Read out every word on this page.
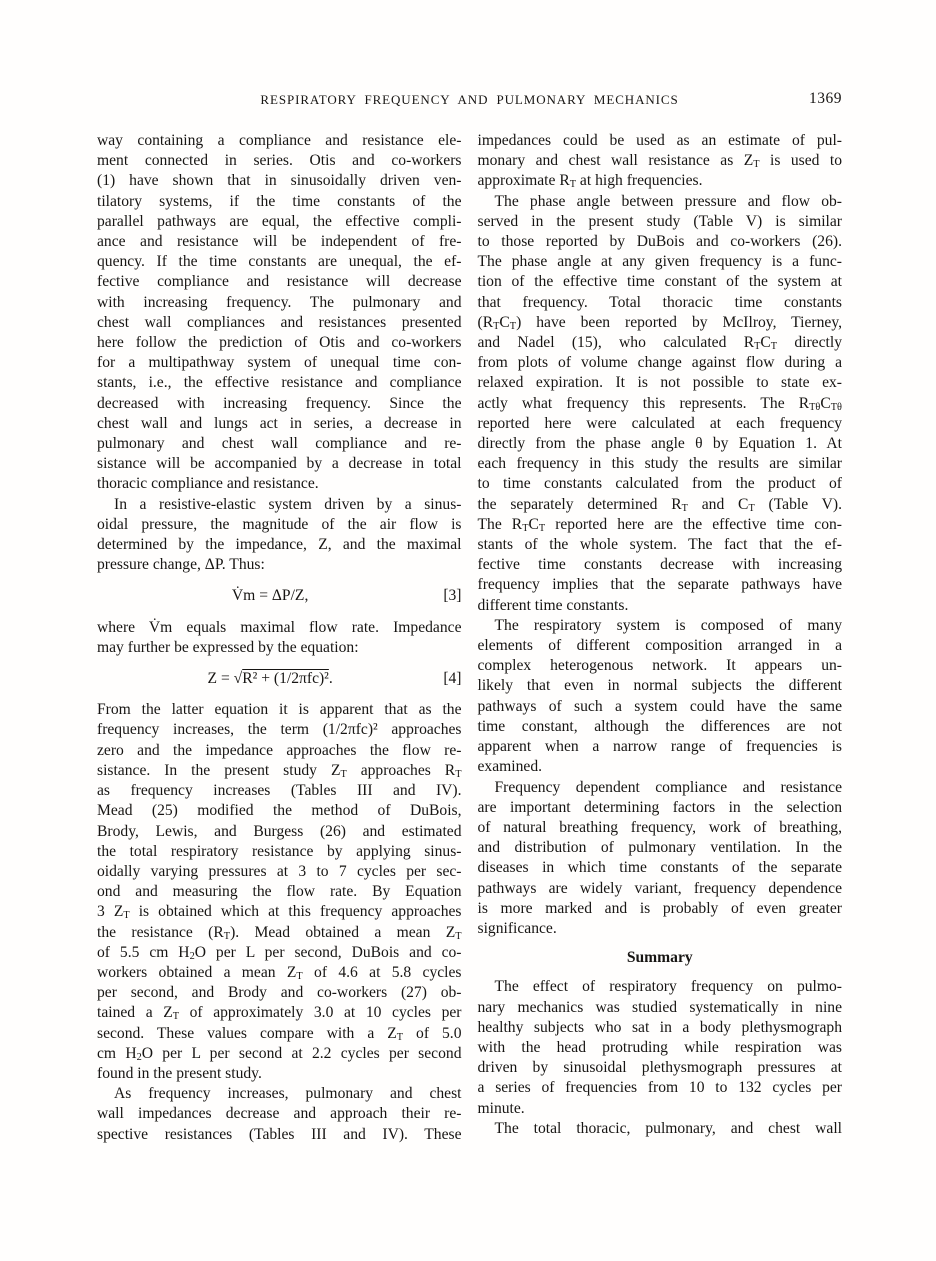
RESPIRATORY FREQUENCY AND PULMONARY MECHANICS	1369
way containing a compliance and resistance ele-
ment connected in series. Otis and co-workers
(1) have shown that in sinusoidally driven ven-
tilatory systems, if the time constants of the
parallel pathways are equal, the effective compli-
ance and resistance will be independent of fre-
quency. If the time constants are unequal, the ef-
fective compliance and resistance will decrease
with increasing frequency. The pulmonary and
chest wall compliances and resistances presented
here follow the prediction of Otis and co-workers
for a multipathway system of unequal time con-
stants, i.e., the effective resistance and compliance
decreased with increasing frequency. Since the
chest wall and lungs act in series, a decrease in
pulmonary and chest wall compliance and re-
sistance will be accompanied by a decrease in total
thoracic compliance and resistance.
In a resistive-elastic system driven by a sinus-
oidal pressure, the magnitude of the air flow is
determined by the impedance, Z, and the maximal
pressure change, ΔP. Thus:
V̇m = ΔP/Z,	[3]
where V̇m equals maximal flow rate. Impedance
may further be expressed by the equation:
Z = √R² + (1/2πfc)².	[4]
From the latter equation it is apparent that as the
frequency increases, the term (1/2πfc)² approaches
zero and the impedance approaches the flow re-
sistance. In the present study $Z_T$ approaches $R_T$
as frequency increases (Tables III and IV).
Mead (25) modified the method of DuBois,
Brody, Lewis, and Burgess (26) and estimated
the total respiratory resistance by applying sinus-
oidally varying pressures at 3 to 7 cycles per sec-
ond and measuring the flow rate. By Equation
3 $Z_T$ is obtained which at this frequency approaches
the resistance $(R_T)$. Mead obtained a mean $Z_T$
of 5.5 cm $H_2O$ per L per second, DuBois and co-
workers obtained a mean $Z_T$ of 4.6 at 5.8 cycles
per second, and Brody and co-workers (27) ob-
tained a $Z_T$ of approximately 3.0 at 10 cycles per
second. These values compare with a $Z_T$ of 5.0
cm $H_2O$ per L per second at 2.2 cycles per second
found in the present study.
As frequency increases, pulmonary and chest
wall impedances decrease and approach their re-
spective resistances (Tables III and IV). These
impedances could be used as an estimate of pul-
monary and chest wall resistance as $Z_T$ is used to
approximate $R_T$ at high frequencies.
The phase angle between pressure and flow ob-
served in the present study (Table V) is similar
to those reported by DuBois and co-workers (26).
The phase angle at any given frequency is a func-
tion of the effective time constant of the system at
that frequency. Total thoracic time constants
$(R_TC_T)$ have been reported by McIlroy, Tierney,
and Nadel (15), who calculated $R_TC_T$ directly
from plots of volume change against flow during a
relaxed expiration. It is not possible to state ex-
actly what frequency this represents. The $R_{T\theta}C_{T\theta}$
reported here were calculated at each frequency
directly from the phase angle θ by Equation 1. At
each frequency in this study the results are similar
to time constants calculated from the product of
the separately determined $R_T$ and $C_T$ (Table V).
The $R_TC_T$ reported here are the effective time con-
stants of the whole system. The fact that the ef-
fective time constants decrease with increasing
frequency implies that the separate pathways have
different time constants.
The respiratory system is composed of many
elements of different composition arranged in a
complex heterogenous network. It appears un-
likely that even in normal subjects the different
pathways of such a system could have the same
time constant, although the differences are not
apparent when a narrow range of frequencies is
examined.
Frequency dependent compliance and resistance
are important determining factors in the selection
of natural breathing frequency, work of breathing,
and distribution of pulmonary ventilation. In the
diseases in which time constants of the separate
pathways are widely variant, frequency dependence
is more marked and is probably of even greater
significance.
Summary
The effect of respiratory frequency on pulmo-
nary mechanics was studied systematically in nine
healthy subjects who sat in a body plethysmograph
with the head protruding while respiration was
driven by sinusoidal plethysmograph pressures at
a series of frequencies from 10 to 132 cycles per
minute.
The total thoracic, pulmonary, and chest wall
